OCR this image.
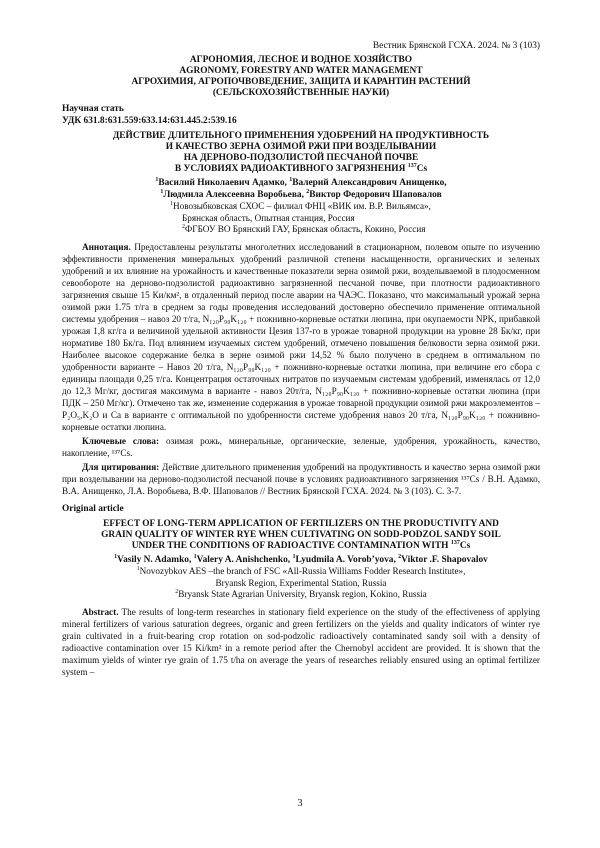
Вестник Брянской ГСХА. 2024. № 3 (103)
АГРОНОМИЯ, ЛЕСНОЕ И ВОДНОЕ ХОЗЯЙСТВО
AGRONOMY, FORESTRY AND WATER MANAGEMENT
АГРОХИМИЯ, АГРОПОЧВОВЕДЕНИЕ, ЗАЩИТА И КАРАНТИН РАСТЕНИЙ
(СЕЛЬСКОХОЗЯЙСТВЕННЫЕ НАУКИ)
Научная стать
УДК 631.8:631.559:633.14:631.445.2:539.16
ДЕЙСТВИЕ ДЛИТЕЛЬНОГО ПРИМЕНЕНИЯ УДОБРЕНИЙ НА ПРОДУКТИВНОСТЬ
И КАЧЕСТВО ЗЕРНА ОЗИМОЙ РЖИ ПРИ ВОЗДЕЛЫВАНИИ
НА ДЕРНОВО-ПОДЗОЛИСТОЙ ПЕСЧАНОЙ ПОЧВЕ
В УСЛОВИЯХ РАДИОАКТИВНОГО ЗАГРЯЗНЕНИЯ $^{137}$Cs
$^1$Василий Николаевич Адамко, $^1$Валерий Александрович Анищенко,
$^1$Людмила Алексеевна Воробьева, $^2$Виктор Федорович Шаповалов
$^1$Новозыбковская СХОС – филиал ФНЦ «ВИК им. В.Р. Вильямса»,
Брянская область, Опытная станция, Россия
$^2$ФГБОУ ВО Брянский ГАУ, Брянская область, Кокино, Россия
Аннотация. Предоставлены результаты многолетних исследований в стационарном, полевом опыте по изучению эффективности применения минеральных удобрений различной степени насыщенности, органических и зеленых удобрений и их влияние на урожайность и качественные показатели зерна озимой ржи, возделываемой в плодосменном севообороте на дерново-подзолистой радиоактивно загрязненной песчаной почве, при плотности радиоактивного загрязнения свыше 15 Ки/км², в отдаленный период после аварии на ЧАЭС. Показано, что максимальный урожай зерна озимой ржи 1.75 т/га в среднем за годы проведения исследований достоверно обеспечило применение оптимальной системы удобрения – навоз 20 т/га, N₁₂₀P₉₀K₁₂₀ + пожнивно-корневые остатки люпина, при окупаемости NPK, прибавкой урожая 1,8 кг/га и величиной удельной активности Цезия 137-го в урожае товарной продукции на уровне 28 Бк/кг, при нормативе 180 Бк/га. Под влиянием изучаемых систем удобрений, отмечено повышения белковости зерна озимой ржи. Наиболее высокое содержание белка в зерне озимой ржи 14,52 % было получено в среднем в оптимальном по удобренности варианте – Навоз 20 т/га, N₁₂₀P₉₀K₁₂₀ + пожнивно-корневые остатки люпина, при величине его сбора с единицы площади 0,25 т/га. Концентрация остаточных нитратов по изучаемым системам удобрений, изменялась от 12,0 до 12,3 Мг/кг, достигая максимума в варианте - навоз 20т/га, N₁₂₀P₉₀K₁₂₀ + пожнивно-корневые остатки люпина (при ПДК – 250 Мг/кг). Отмечено так же, изменение содержания в урожае товарной продукции озимой ржи макроэлементов – P₂O₅,K₂O и Ca в варианте с оптимальной по удобренности системе удобрения навоз 20 т/га, N₁₂₀P₉₀K₁₂₀ + пожнивно-корневые остатки люпина.
Ключевые слова: озимая рожь, минеральные, органические, зеленые, удобрения, урожайность, качество, накопление, ¹³⁷Cs.
Для цитирования: Действие длительного применения удобрений на продуктивность и качество зерна озимой ржи при возделывании на дерново-подзолистой песчаной почве в условиях радиоактивного загрязнения ¹³⁷Cs / В.Н. Адамко, В.А. Анищенко, Л.А. Воробьева, В.Ф. Шаповалов // Вестник Брянской ГСХА. 2024. № 3 (103). С. 3-7.
Original article
EFFECT OF LONG-TERM APPLICATION OF FERTILIZERS ON THE PRODUCTIVITY AND
GRAIN QUALITY OF WINTER RYE WHEN CULTIVATING ON SODD-PODZOL SANDY SOIL
UNDER THE CONDITIONS OF RADIOACTIVE CONTAMINATION WITH $^{137}$Cs
$^1$Vasily N. Adamko, $^1$Valery A. Anishchenko, $^1$Lyudmila A. Vorob’yova, $^2$Viktor .F. Shapovalov
$^1$Novozybkov AES –the branch of FSC «All-Russia Williams Fodder Research Institute»,
Bryansk Region, Experimental Station, Russia
$^2$Bryansk State Agrarian University, Bryansk region, Kokino, Russia
Abstract. The results of long-term researches in stationary field experience on the study of the effectiveness of applying mineral fertilizers of various saturation degrees, organic and green fertilizers on the yields and quality indicators of winter rye grain cultivated in a fruit-bearing crop rotation on sod-podzolic radioactively contaminated sandy soil with a density of radioactive contamination over 15 Ki/km² in a remote period after the Chernobyl accident are provided. It is shown that the maximum yields of winter rye grain of 1.75 t/ha on average the years of researches reliably ensured using an optimal fertilizer system –
3
